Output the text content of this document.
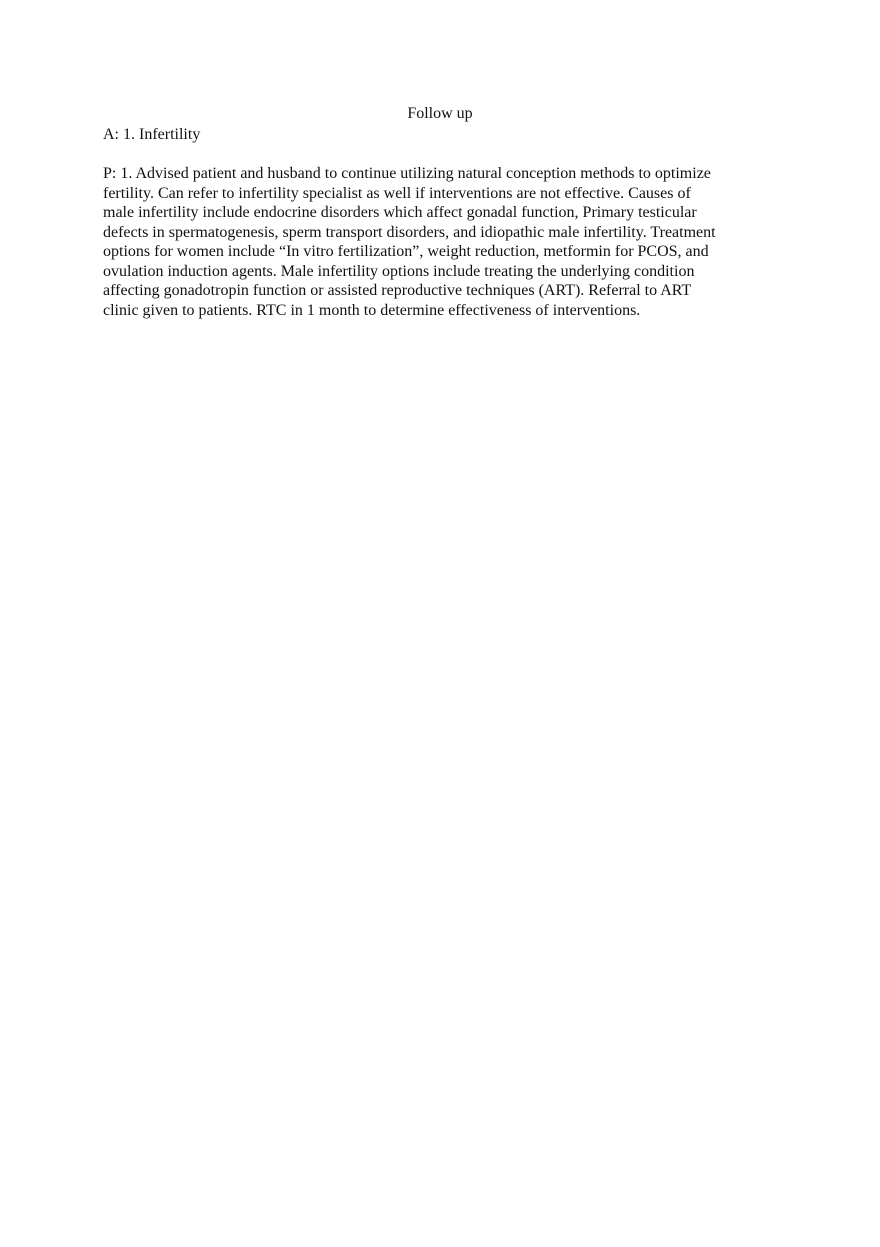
Follow up

A: 1. Infertility

P: 1. Advised patient and husband to continue utilizing natural conception methods to optimize
fertility. Can refer to infertility specialist as well if interventions are not effective. Causes of
male infertility include endocrine disorders which affect gonadal function, Primary testicular
defects in spermatogenesis, sperm transport disorders, and idiopathic male infertility. Treatment
options for women include “In vitro fertilization”, weight reduction, metformin for PCOS, and
ovulation induction agents. Male infertility options include treating the underlying condition
affecting gonadotropin function or assisted reproductive techniques (ART). Referral to ART
clinic given to patients. RTC in 1 month to determine effectiveness of interventions.
